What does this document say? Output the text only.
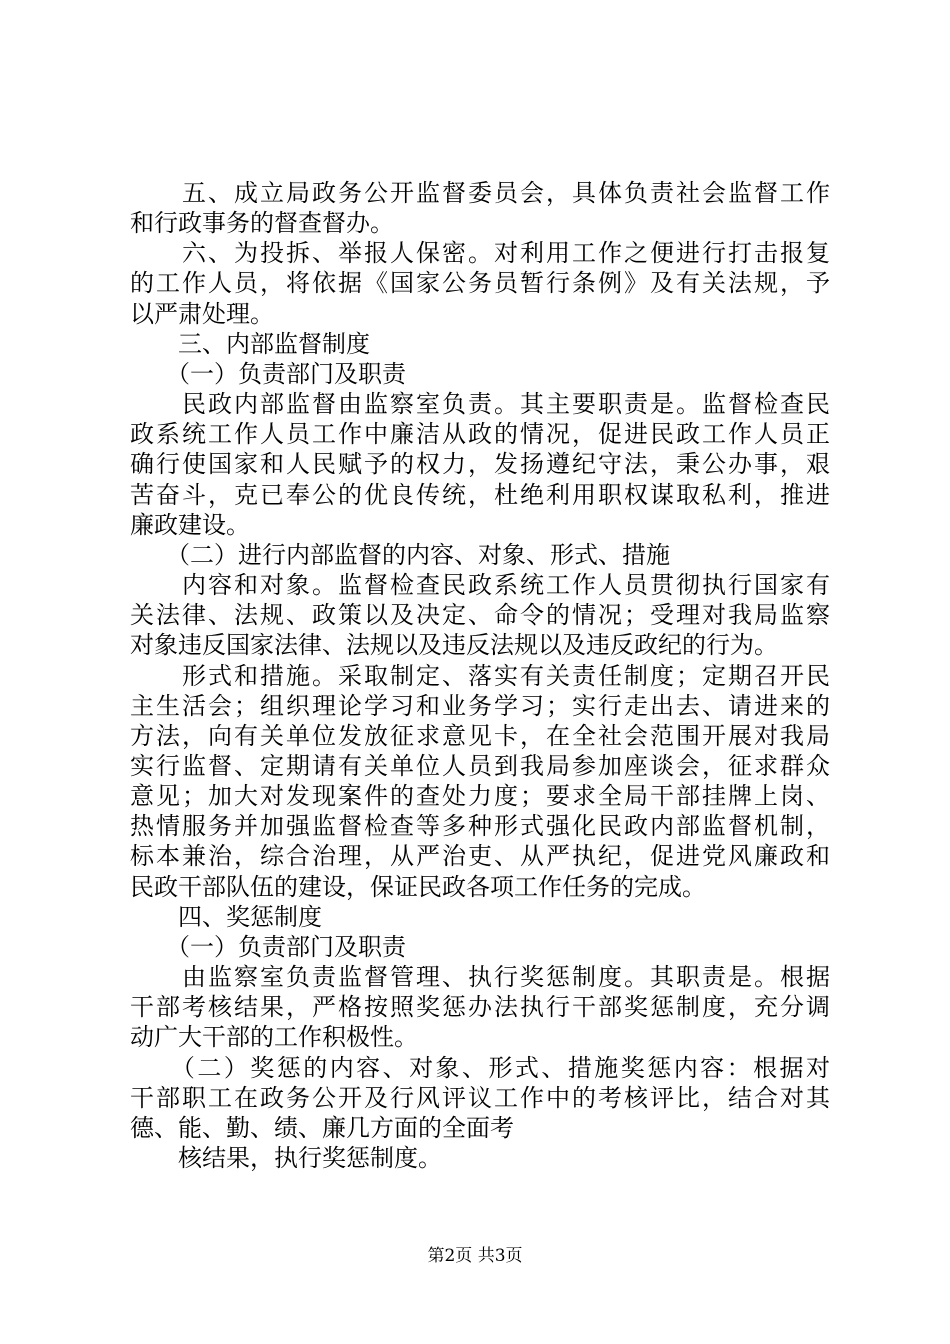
　　五、成立局政务公开监督委员会，具体负责社会监督工作
和行政事务的督查督办。
　　六、为投拆、举报人保密。对利用工作之便进行打击报复
的工作人员，将依据《国家公务员暂行条例》及有关法规，予
以严肃处理。
　　三、内部监督制度
　　（一）负责部门及职责
　　民政内部监督由监察室负责。其主要职责是。监督检查民
政系统工作人员工作中廉洁从政的情况，促进民政工作人员正
确行使国家和人民赋予的权力，发扬遵纪守法，秉公办事，艰
苦奋斗，克已奉公的优良传统，杜绝利用职权谋取私利，推进
廉政建设。
　　（二）进行内部监督的内容、对象、形式、措施
　　内容和对象。监督检查民政系统工作人员贯彻执行国家有
关法律、法规、政策以及决定、命令的情况；受理对我局监察
对象违反国家法律、法规以及违反法规以及违反政纪的行为。
　　形式和措施。采取制定、落实有关责任制度；定期召开民
主生活会；组织理论学习和业务学习；实行走出去、请进来的
方法，向有关单位发放征求意见卡，在全社会范围开展对我局
实行监督、定期请有关单位人员到我局参加座谈会，征求群众
意见；加大对发现案件的查处力度；要求全局干部挂牌上岗、
热情服务并加强监督检查等多种形式强化民政内部监督机制，
标本兼治，综合治理，从严治吏、从严执纪，促进党风廉政和
民政干部队伍的建设，保证民政各项工作任务的完成。
　　四、奖惩制度
　　（一）负责部门及职责
　　由监察室负责监督管理、执行奖惩制度。其职责是。根据
干部考核结果，严格按照奖惩办法执行干部奖惩制度，充分调
动广大干部的工作积极性。
　　（二）奖惩的内容、对象、形式、措施奖惩内容：根据对
干部职工在政务公开及行风评议工作中的考核评比，结合对其
德、能、勤、绩、廉几方面的全面考
　　核结果，执行奖惩制度。
第2页 共3页
